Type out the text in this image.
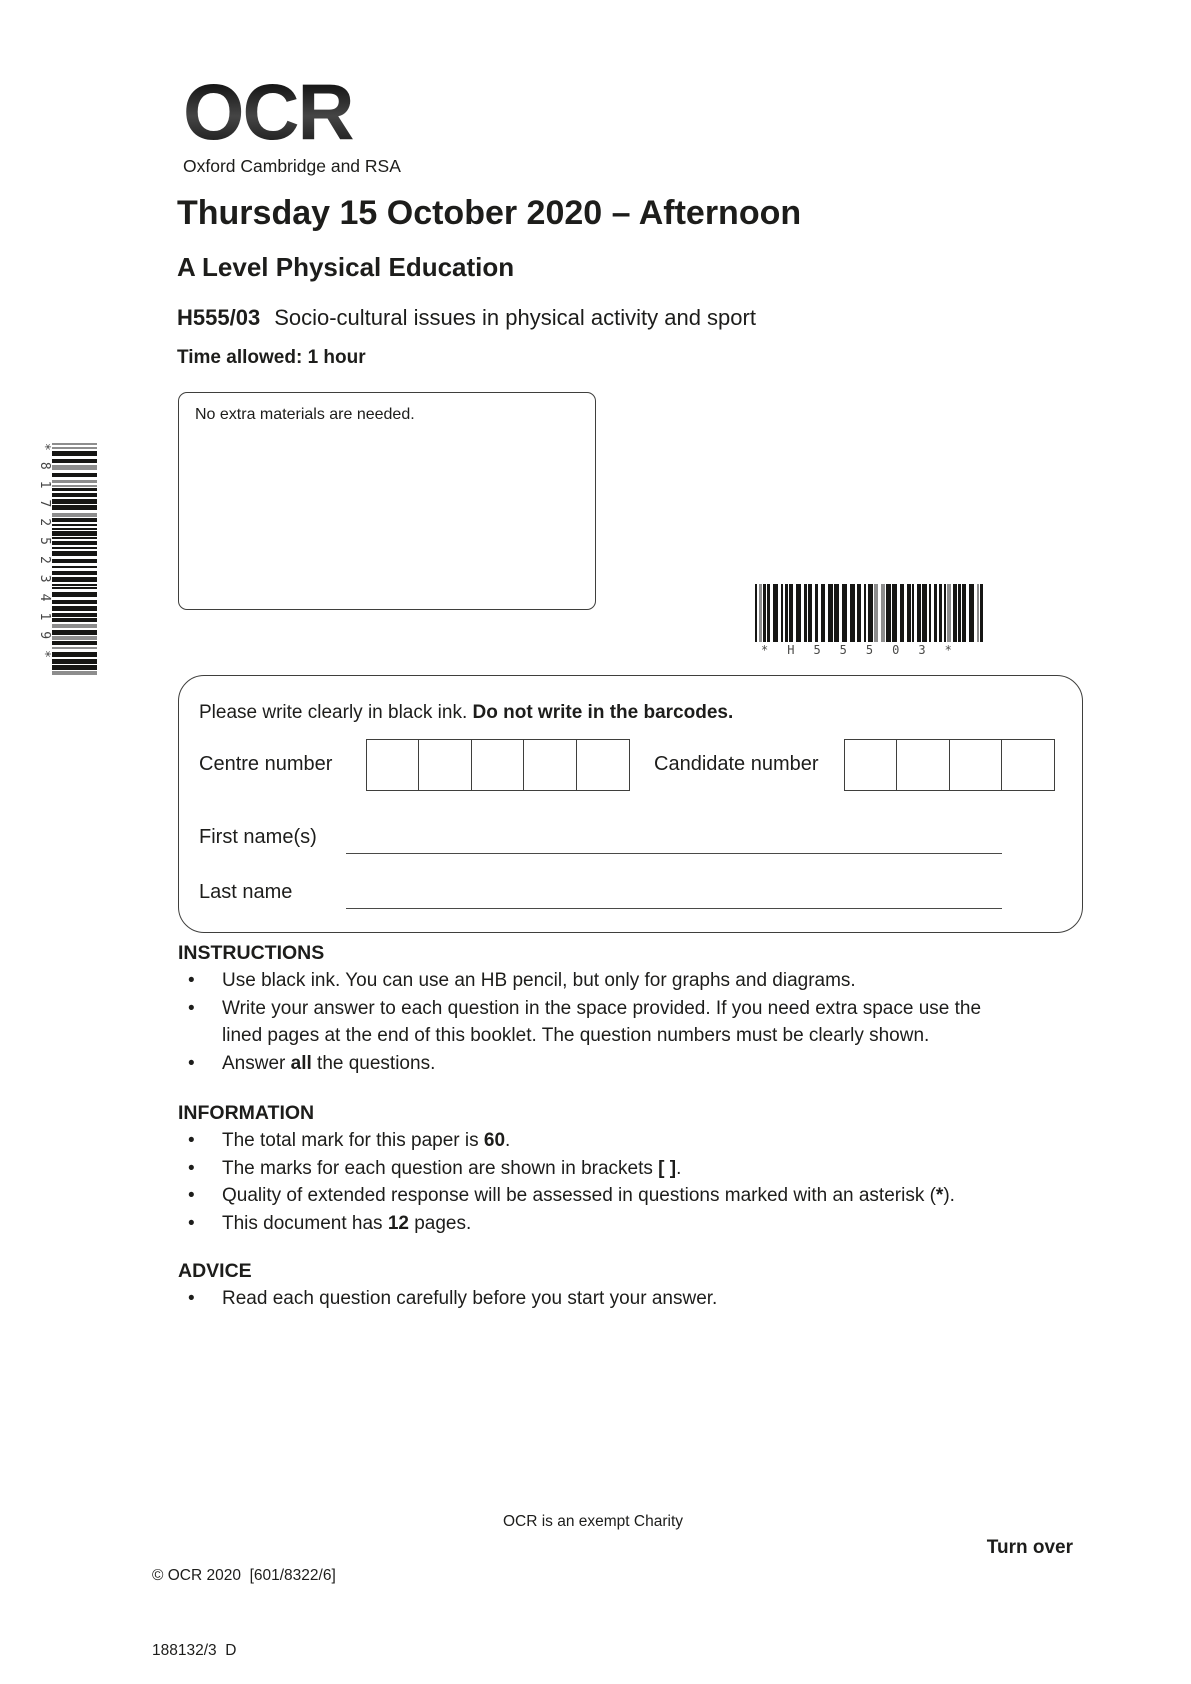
OCR
Oxford Cambridge and RSA
Thursday 15 October 2020 – Afternoon
A Level Physical Education
H555/03 Socio-cultural issues in physical activity and sport
Time allowed: 1 hour
No extra materials are needed.
*8172523419*	*H55503*
Please write clearly in black ink. Do not write in the barcodes.
Centre number	Candidate number
First name(s)
Last name
INSTRUCTIONS
• Use black ink. You can use an HB pencil, but only for graphs and diagrams.
• Write your answer to each question in the space provided. If you need extra space use the lined pages at the end of this booklet. The question numbers must be clearly shown.
• Answer all the questions.
INFORMATION
• The total mark for this paper is 60.
• The marks for each question are shown in brackets [ ].
• Quality of extended response will be assessed in questions marked with an asterisk (*).
• This document has 12 pages.
ADVICE
• Read each question carefully before you start your answer.

© OCR 2020  [601/8322/6]

188132/3  D

OCR is an exempt Charity
Turn over
